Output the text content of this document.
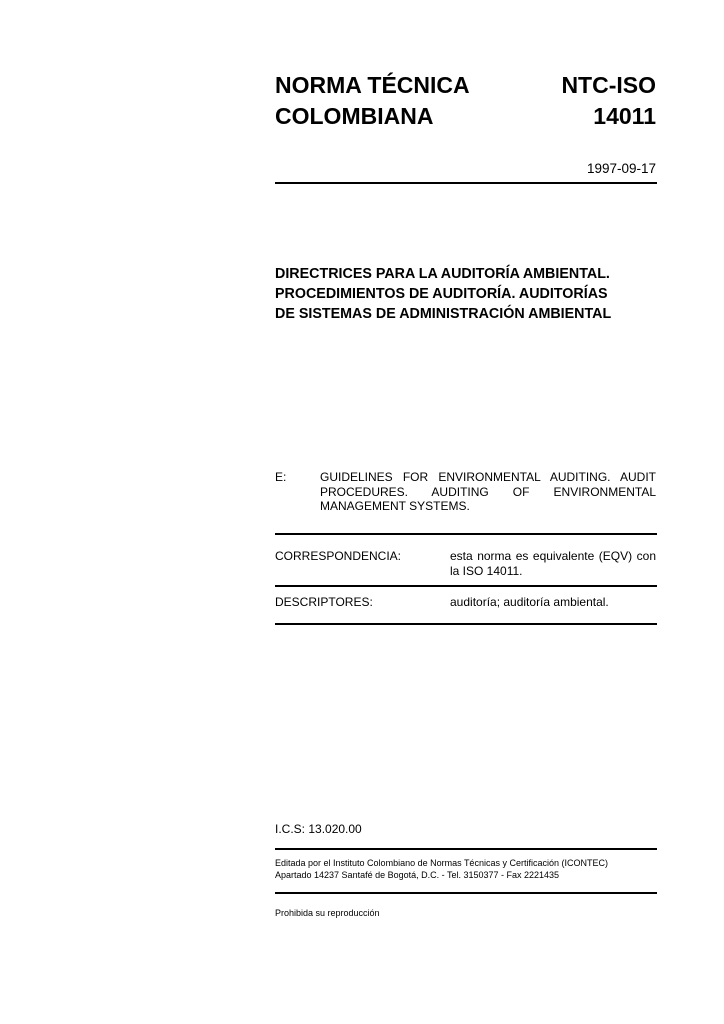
NORMA TÉCNICA
COLOMBIANA
NTC-ISO
14011
1997-09-17
DIRECTRICES PARA LA AUDITORÍA AMBIENTAL.
PROCEDIMIENTOS DE AUDITORÍA. AUDITORÍAS
DE SISTEMAS DE ADMINISTRACIÓN AMBIENTAL
E:	GUIDELINES FOR ENVIRONMENTAL AUDITING. AUDIT PROCEDURES. AUDITING OF ENVIRONMENTAL MANAGEMENT SYSTEMS.
CORRESPONDENCIA:	esta norma es equivalente (EQV) con la ISO 14011.
DESCRIPTORES:	auditoría; auditoría ambiental.
I.C.S: 13.020.00
Editada por el Instituto Colombiano de Normas Técnicas y Certificación (ICONTEC)
Apartado 14237 Santafé de Bogotá, D.C. - Tel. 3150377 - Fax 2221435
Prohibida su reproducción
